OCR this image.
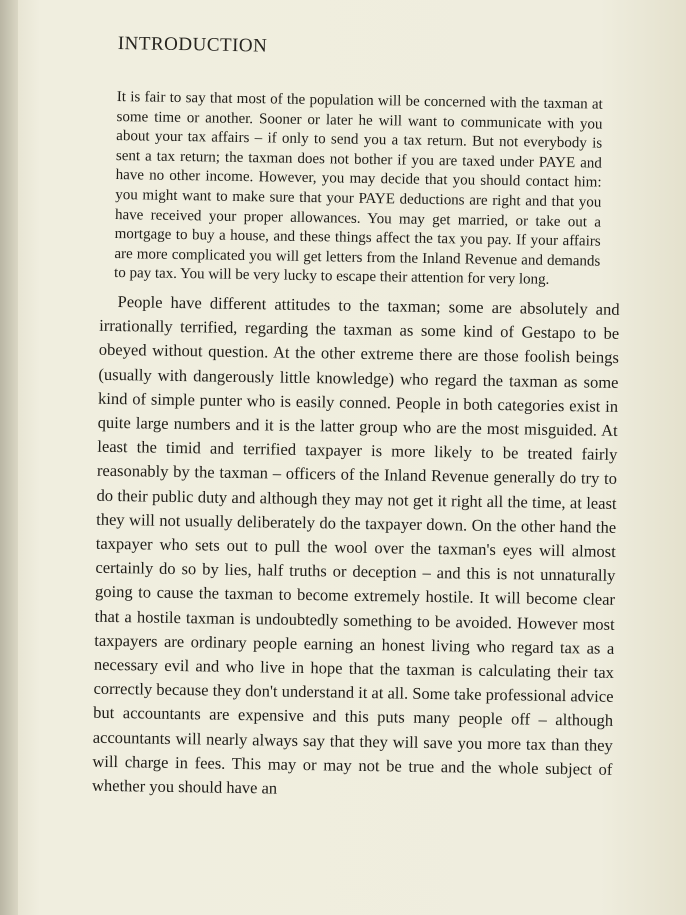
INTRODUCTION

It is fair to say that most of the population will be concerned with the taxman at some time or another. Sooner or later he will want to communicate with you about your tax affairs – if only to send you a tax return. But not everybody is sent a tax return; the taxman does not bother if you are taxed under PAYE and have no other income. However, you may decide that you should contact him: you might want to make sure that your PAYE deductions are right and that you have received your proper allowances. You may get married, or take out a mortgage to buy a house, and these things affect the tax you pay. If your affairs are more complicated you will get letters from the Inland Revenue and demands to pay tax. You will be very lucky to escape their attention for very long.

People have different attitudes to the taxman; some are absolutely and irrationally terrified, regarding the taxman as some kind of Gestapo to be obeyed without question. At the other extreme there are those foolish beings (usually with dangerously little knowledge) who regard the taxman as some kind of simple punter who is easily conned. People in both categories exist in quite large numbers and it is the latter group who are the most misguided. At least the timid and terrified taxpayer is more likely to be treated fairly reasonably by the taxman – officers of the Inland Revenue generally do try to do their public duty and although they may not get it right all the time, at least they will not usually deliberately do the taxpayer down. On the other hand the taxpayer who sets out to pull the wool over the taxman's eyes will almost certainly do so by lies, half truths or deception – and this is not unnaturally going to cause the taxman to become extremely hostile. It will become clear that a hostile taxman is undoubtedly something to be avoided. However most taxpayers are ordinary people earning an honest living who regard tax as a necessary evil and who live in hope that the taxman is calculating their tax correctly because they don't understand it at all. Some take professional advice but accountants are expensive and this puts many people off – although accountants will nearly always say that they will save you more tax than they will charge in fees. This may or may not be true and the whole subject of whether you should have an
